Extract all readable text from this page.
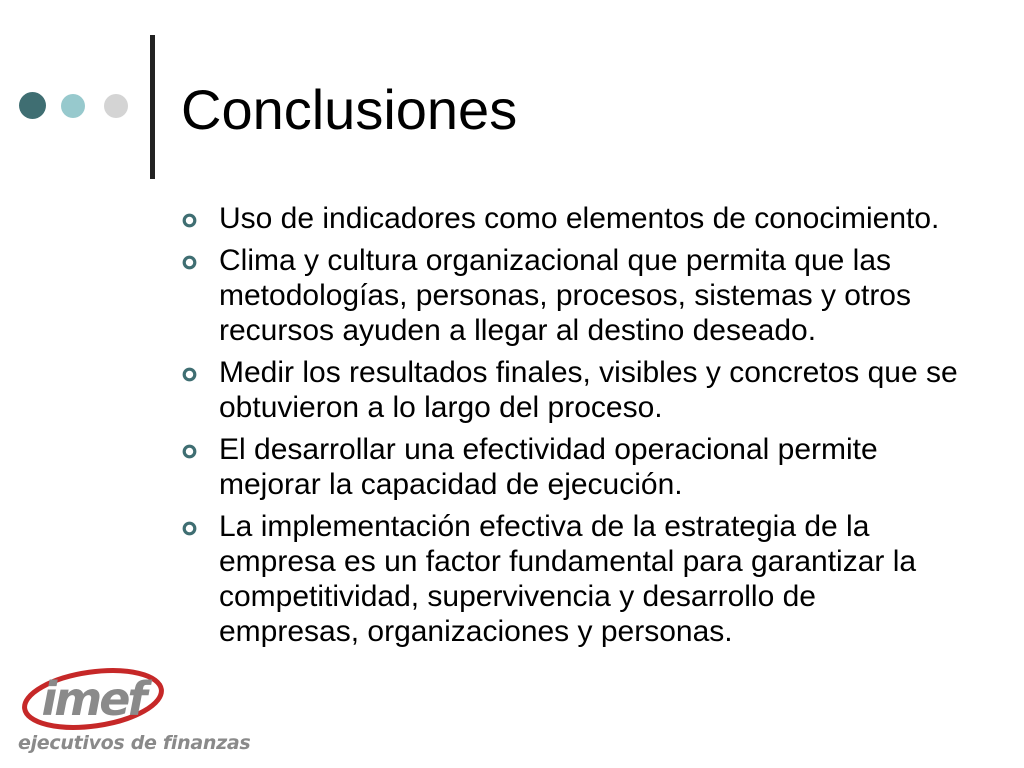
Conclusiones
Uso de indicadores como elementos de conocimiento.
Clima y cultura organizacional que permita que las metodologías, personas, procesos, sistemas y otros recursos ayuden a llegar al destino deseado.
Medir los resultados finales, visibles y concretos que se obtuvieron a lo largo del proceso.
El desarrollar una efectividad operacional permite mejorar la capacidad de ejecución.
La implementación efectiva de la estrategia de la empresa es un factor fundamental para garantizar la competitividad, supervivencia y desarrollo de empresas, organizaciones y personas.
imef
ejecutivos de finanzas
